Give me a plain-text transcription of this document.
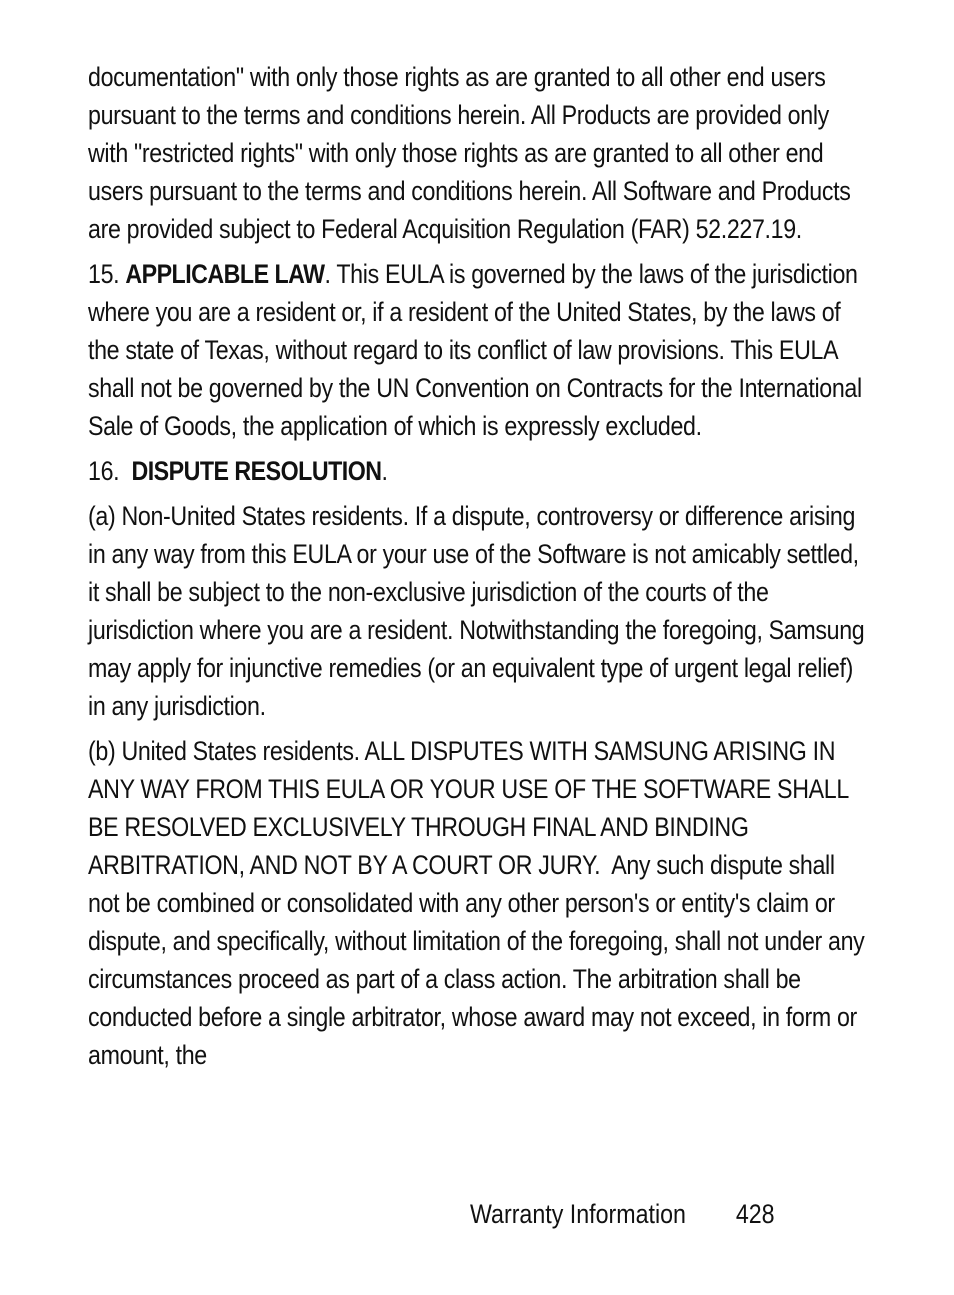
documentation" with only those rights as are granted to all other end users pursuant to the terms and conditions herein. All Products are provided only with "restricted rights" with only those rights as are granted to all other end users pursuant to the terms and conditions herein. All Software and Products are provided subject to Federal Acquisition Regulation (FAR) 52.227.19.

15. APPLICABLE LAW. This EULA is governed by the laws of the jurisdiction where you are a resident or, if a resident of the United States, by the laws of the state of Texas, without regard to its conflict of law provisions. This EULA shall not be governed by the UN Convention on Contracts for the International Sale of Goods, the application of which is expressly excluded.

16.  DISPUTE RESOLUTION.

(a) Non-United States residents. If a dispute, controversy or difference arising in any way from this EULA or your use of the Software is not amicably settled, it shall be subject to the non-exclusive jurisdiction of the courts of the jurisdiction where you are a resident. Notwithstanding the foregoing, Samsung may apply for injunctive remedies (or an equivalent type of urgent legal relief) in any jurisdiction.

(b) United States residents. ALL DISPUTES WITH SAMSUNG ARISING IN ANY WAY FROM THIS EULA OR YOUR USE OF THE SOFTWARE SHALL BE RESOLVED EXCLUSIVELY THROUGH FINAL AND BINDING ARBITRATION, AND NOT BY A COURT OR JURY.  Any such dispute shall not be combined or consolidated with any other person's or entity's claim or dispute, and specifically, without limitation of the foregoing, shall not under any circumstances proceed as part of a class action. The arbitration shall be conducted before a single arbitrator, whose award may not exceed, in form or amount, the

Warranty Information 428
